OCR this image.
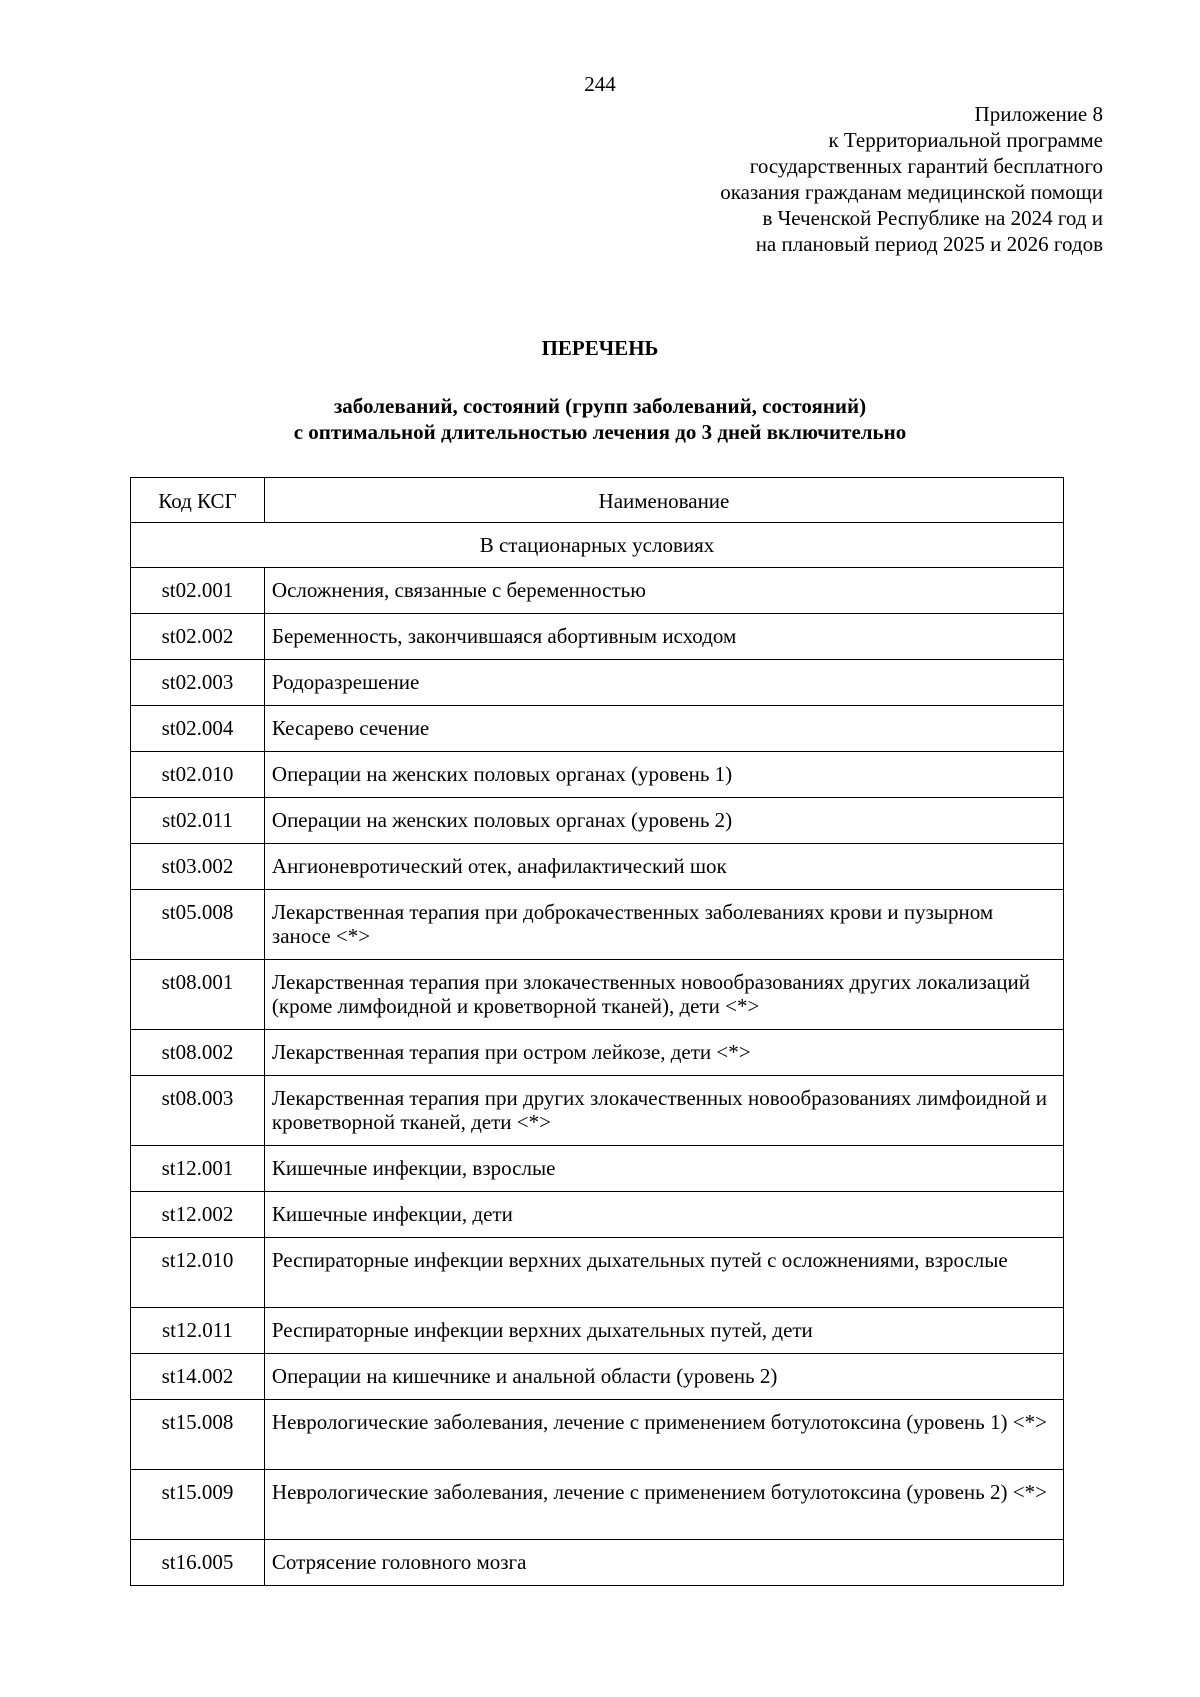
244
Приложение 8
к Территориальной программе
государственных гарантий бесплатного
оказания гражданам медицинской помощи
в Чеченской Республике на 2024 год и
на плановый период 2025 и 2026 годов
ПЕРЕЧЕНЬ
заболеваний, состояний (групп заболеваний, состояний)
с оптимальной длительностью лечения до 3 дней включительно
Код КСГ	Наименование
В стационарных условиях	
st02.001	Осложнения, связанные с беременностью
st02.002	Беременность, закончившаяся абортивным исходом
st02.003	Родоразрешение
st02.004	Кесарево сечение
st02.010	Операции на женских половых органах (уровень 1)
st02.011	Операции на женских половых органах (уровень 2)
st03.002	Ангионевротический отек, анафилактический шок
st05.008	Лекарственная терапия при доброкачественных заболеваниях крови и пузырном заносе <*>
st08.001	Лекарственная терапия при злокачественных новообразованиях других локализаций (кроме лимфоидной и кроветворной тканей), дети <*>
st08.002	Лекарственная терапия при остром лейкозе, дети <*>
st08.003	Лекарственная терапия при других злокачественных новообразованиях лимфоидной и кроветворной тканей, дети <*>
st12.001	Кишечные инфекции, взрослые
st12.002	Кишечные инфекции, дети
st12.010	Респираторные инфекции верхних дыхательных путей с осложнениями, взрослые
st12.011	Респираторные инфекции верхних дыхательных путей, дети
st14.002	Операции на кишечнике и анальной области (уровень 2)
st15.008	Неврологические заболевания, лечение с применением ботулотоксина (уровень 1) <*>
st15.009	Неврологические заболевания, лечение с применением ботулотоксина (уровень 2) <*>
st16.005	Сотрясение головного мозга
